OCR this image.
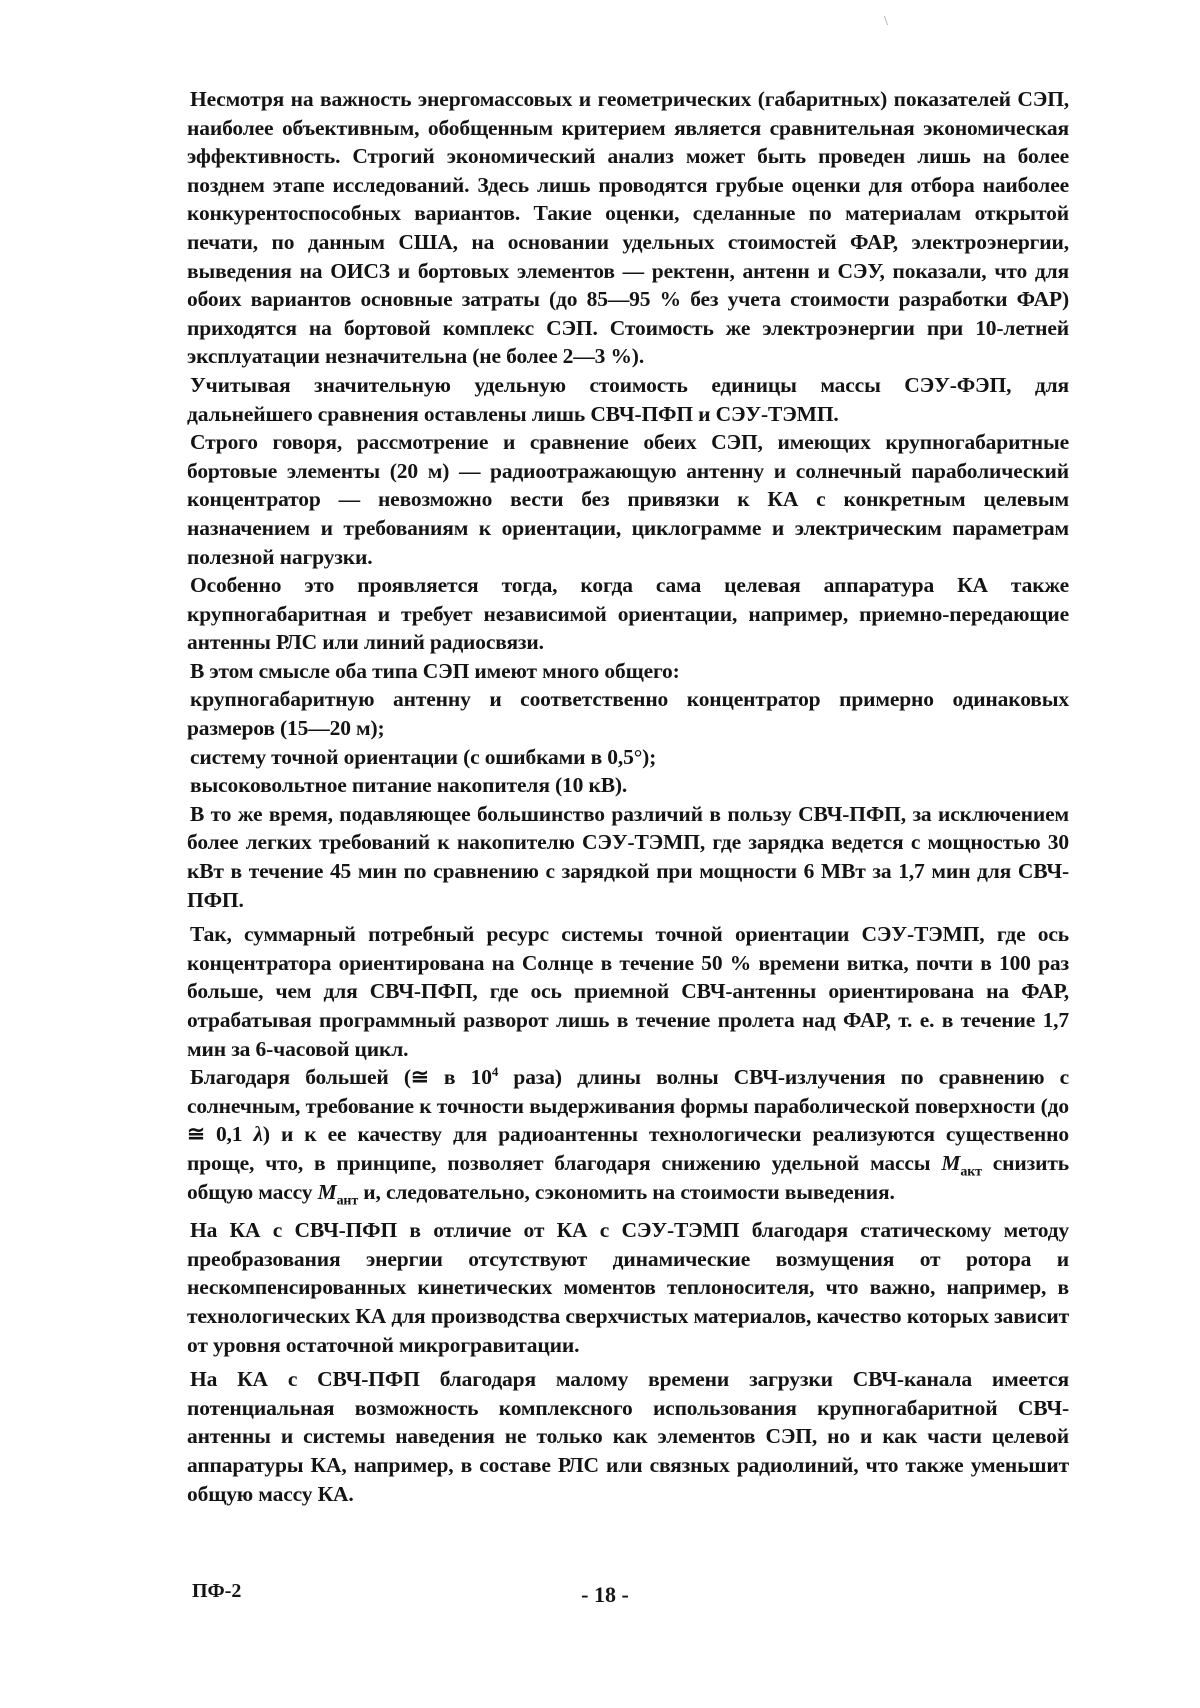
Несмотря на важность энергомассовых и геометрических (габаритных) показателей СЭП, наиболее объективным, обобщенным критерием является сравнительная экономическая эффективность. Строгий экономический анализ может быть проведен лишь на более позднем этапе исследований. Здесь лишь проводятся грубые оценки для отбора наиболее конкурентоспособных вариантов. Такие оценки, сделанные по материалам открытой печати, по данным США, на основании удельных стоимостей ФАР, электроэнергии, выведения на ОИСЗ и бортовых элементов — ректенн, антенн и СЭУ, показали, что для обоих вариантов основные затраты (до 85—95 % без учета стоимости разработки ФАР) приходятся на бортовой комплекс СЭП. Стоимость же электроэнергии при 10-летней эксплуатации незначительна (не более 2—3 %).

Учитывая значительную удельную стоимость единицы массы СЭУ-ФЭП, для дальнейшего сравнения оставлены лишь СВЧ-ПФП и СЭУ-ТЭМП.

Строго говоря, рассмотрение и сравнение обеих СЭП, имеющих крупногабаритные бортовые элементы (20 м) — радиоотражающую антенну и солнечный параболический концентратор — невозможно вести без привязки к КА с конкретным целевым назначением и требованиям к ориентации, циклограмме и электрическим параметрам полезной нагрузки.

Особенно это проявляется тогда, когда сама целевая аппаратура КА также крупногабаритная и требует независимой ориентации, например, приемно-передающие антенны РЛС или линий радиосвязи.

В этом смысле оба типа СЭП имеют много общего:

крупногабаритную антенну и соответственно концентратор примерно одинаковых размеров (15—20 м);

систему точной ориентации (с ошибками в 0,5°);

высоковольтное питание накопителя (10 кВ).

В то же время, подавляющее большинство различий в пользу СВЧ-ПФП, за исключением более легких требований к накопителю СЭУ-ТЭМП, где зарядка ведется с мощностью 30 кВт в течение 45 мин по сравнению с зарядкой при мощности 6 МВт за 1,7 мин для СВЧ-ПФП.

Так, суммарный потребный ресурс системы точной ориентации СЭУ-ТЭМП, где ось концентратора ориентирована на Солнце в течение 50 % времени витка, почти в 100 раз больше, чем для СВЧ-ПФП, где ось приемной СВЧ-антенны ориентирована на ФАР, отрабатывая программный разворот лишь в течение пролета над ФАР, т. е. в течение 1,7 мин за 6-часовой цикл.

Благодаря большей (≅ в $10^4$ раза) длины волны СВЧ-излучения по сравнению с солнечным, требование к точности выдерживания формы параболической поверхности (до ≅ 0,1 λ) и к ее качеству для радиоантенны технологически реализуются существенно проще, что, в принципе, позволяет благодаря снижению удельной массы $M_{акт}$ снизить общую массу $M_{ант}$ и, следовательно, сэкономить на стоимости выведения.

На КА с СВЧ-ПФП в отличие от КА с СЭУ-ТЭМП благодаря статическому методу преобразования энергии отсутствуют динамические возмущения от ротора и нескомпенсированных кинетических моментов теплоносителя, что важно, например, в технологических КА для производства сверхчистых материалов, качество которых зависит от уровня остаточной микрогравитации.

На КА с СВЧ-ПФП благодаря малому времени загрузки СВЧ-канала имеется потенциальная возможность комплексного использования крупногабаритной СВЧ-антенны и системы наведения не только как элементов СЭП, но и как части целевой аппаратуры КА, например, в составе РЛС или связных радиолиний, что также уменьшит общую массу КА.

ПФ-2	- 18 -
\
